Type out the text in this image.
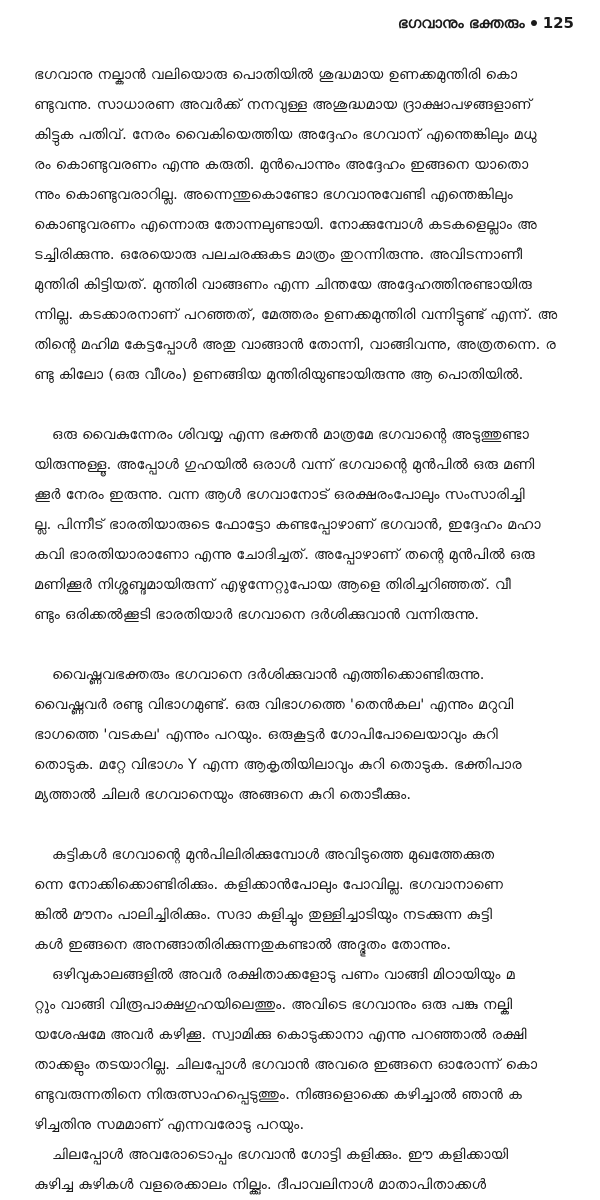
ഭഗവാനും ഭക്തരും 125

ഭഗവാനു നല്കാൻ വലിയൊരു പൊതിയിൽ ശുദ്ധമായ ഉണക്കമുന്തിരി കൊ
ണ്ടുവന്നു. സാധാരണ അവർക്ക് നനവുള്ള അശുദ്ധമായ ദ്രാക്ഷാപഴങ്ങളാണ്
കിട്ടുക പതിവ്. നേരം വൈകിയെത്തിയ അദ്ദേഹം ഭഗവാന് എന്തെങ്കിലും മധു
രം കൊണ്ടുവരണം എന്നു കരുതി. മുൻപൊന്നും അദ്ദേഹം ഇങ്ങനെ യാതൊ
ന്നും കൊണ്ടുവരാറില്ല. അന്നെന്തുകൊണ്ടോ ഭഗവാനുവേണ്ടി എന്തെങ്കിലും
കൊണ്ടുവരണം എന്നൊരു തോന്നലുണ്ടായി. നോക്കുമ്പോൾ കടകളെല്ലാം അ
ടച്ചിരിക്കുന്നു. ഒരേയൊരു പലചരക്കുകട മാത്രം തുറന്നിരുന്നു. അവിടന്നാണീ
മുന്തിരി കിട്ടിയത്. മുന്തിരി വാങ്ങണം എന്ന ചിന്തയേ അദ്ദേഹത്തിനുണ്ടായിരു
ന്നില്ല. കടക്കാരനാണ് പറഞ്ഞത്, മേത്തരം ഉണക്കമുന്തിരി വന്നിട്ടുണ്ട് എന്ന്. അ
തിന്റെ മഹിമ കേട്ടപ്പോൾ അതു വാങ്ങാൻ തോന്നി, വാങ്ങിവന്നു, അത്രതന്നെ. ര
ണ്ടു കിലോ (ഒരു വീശം) ഉണങ്ങിയ മുന്തിരിയുണ്ടായിരുന്നു ആ പൊതിയിൽ.

ഒരു വൈകുന്നേരം ശിവയ്യ എന്ന ഭക്തൻ മാത്രമേ ഭഗവാന്റെ അടുത്തുണ്ടാ
യിരുന്നുള്ളൂ. അപ്പോൾ ഗുഹയിൽ ഒരാൾ വന്ന് ഭഗവാന്റെ മുൻപിൽ ഒരു മണി
ക്കൂർ നേരം ഇരുന്നു. വന്ന ആൾ ഭഗവാനോട് ഒരക്ഷരംപോലും സംസാരിച്ചി
ല്ല. പിന്നീട് ഭാരതിയാരുടെ ഫോട്ടോ കണ്ടപ്പോഴാണ് ഭഗവാൻ, ഇദ്ദേഹം മഹാ
കവി ഭാരതിയാരാണോ എന്നു ചോദിച്ചത്. അപ്പോഴാണ് തന്റെ മുൻപിൽ ഒരു
മണിക്കൂർ നിശ്ശബ്ദമായിരുന്ന് എഴുന്നേറ്റുപോയ ആളെ തിരിച്ചറിഞ്ഞത്. വീ
ണ്ടും ഒരിക്കൽക്കൂടി ഭാരതിയാർ ഭഗവാനെ ദർശിക്കുവാൻ വന്നിരുന്നു.

വൈഷ്ണവഭക്തരും ഭഗവാനെ ദർശിക്കുവാൻ എത്തിക്കൊണ്ടിരുന്നു.
വൈഷ്ണവർ രണ്ടു വിഭാഗമുണ്ട്. ഒരു വിഭാഗത്തെ 'തെൻകല' എന്നും മറുവി
ഭാഗത്തെ 'വടകല' എന്നും പറയും. ഒരുകൂട്ടർ ഗോപിപോലെയാവും കുറി
തൊടുക. മറ്റേ വിഭാഗം Y എന്ന ആകൃതിയിലാവും കുറി തൊടുക. ഭക്തിപാര
മ്യത്താൽ ചിലർ ഭഗവാനെയും അങ്ങനെ കുറി തൊടീക്കും.

കുട്ടികൾ ഭഗവാന്റെ മുൻപിലിരിക്കുമ്പോൾ അവിടുത്തെ മുഖത്തേക്കുത
ന്നെ നോക്കിക്കൊണ്ടിരിക്കും. കളിക്കാൻപോലും പോവില്ല. ഭഗവാനാണെ
ങ്കിൽ മൗനം പാലിച്ചിരിക്കും. സദാ കളിച്ചും തുള്ളിച്ചാടിയും നടക്കുന്ന കുട്ടി
കൾ ഇങ്ങനെ അനങ്ങാതിരിക്കുന്നതുകണ്ടാൽ അദ്ഭുതം തോന്നും.

ഒഴിവുകാലങ്ങളിൽ അവർ രക്ഷിതാക്കളോടു പണം വാങ്ങി മിഠായിയും മ
റ്റും വാങ്ങി വിരൂപാക്ഷഗുഹയിലെത്തും. അവിടെ ഭഗവാനും ഒരു പങ്കു നല്കി
യശേഷമേ അവർ കഴിക്കൂ. സ്വാമിക്കു കൊടുക്കാനാ എന്നു പറഞ്ഞാൽ രക്ഷി
താക്കളും തടയാറില്ല. ചിലപ്പോൾ ഭഗവാൻ അവരെ ഇങ്ങനെ ഓരോന്ന് കൊ
ണ്ടുവരുന്നതിനെ നിരുത്സാഹപ്പെടുത്തും. നിങ്ങളൊക്കെ കഴിച്ചാൽ ഞാൻ ക
ഴിച്ചതിനു സമമാണ് എന്നവരോടു പറയും.

ചിലപ്പോൾ അവരോടൊപ്പം ഭഗവാൻ ഗോട്ടി കളിക്കും. ഈ കളിക്കായി
കുഴിച്ച കുഴികൾ വളരെക്കാലം നില്ക്കും. ദീപാവലിനാൾ മാതാപിതാക്കൾ
